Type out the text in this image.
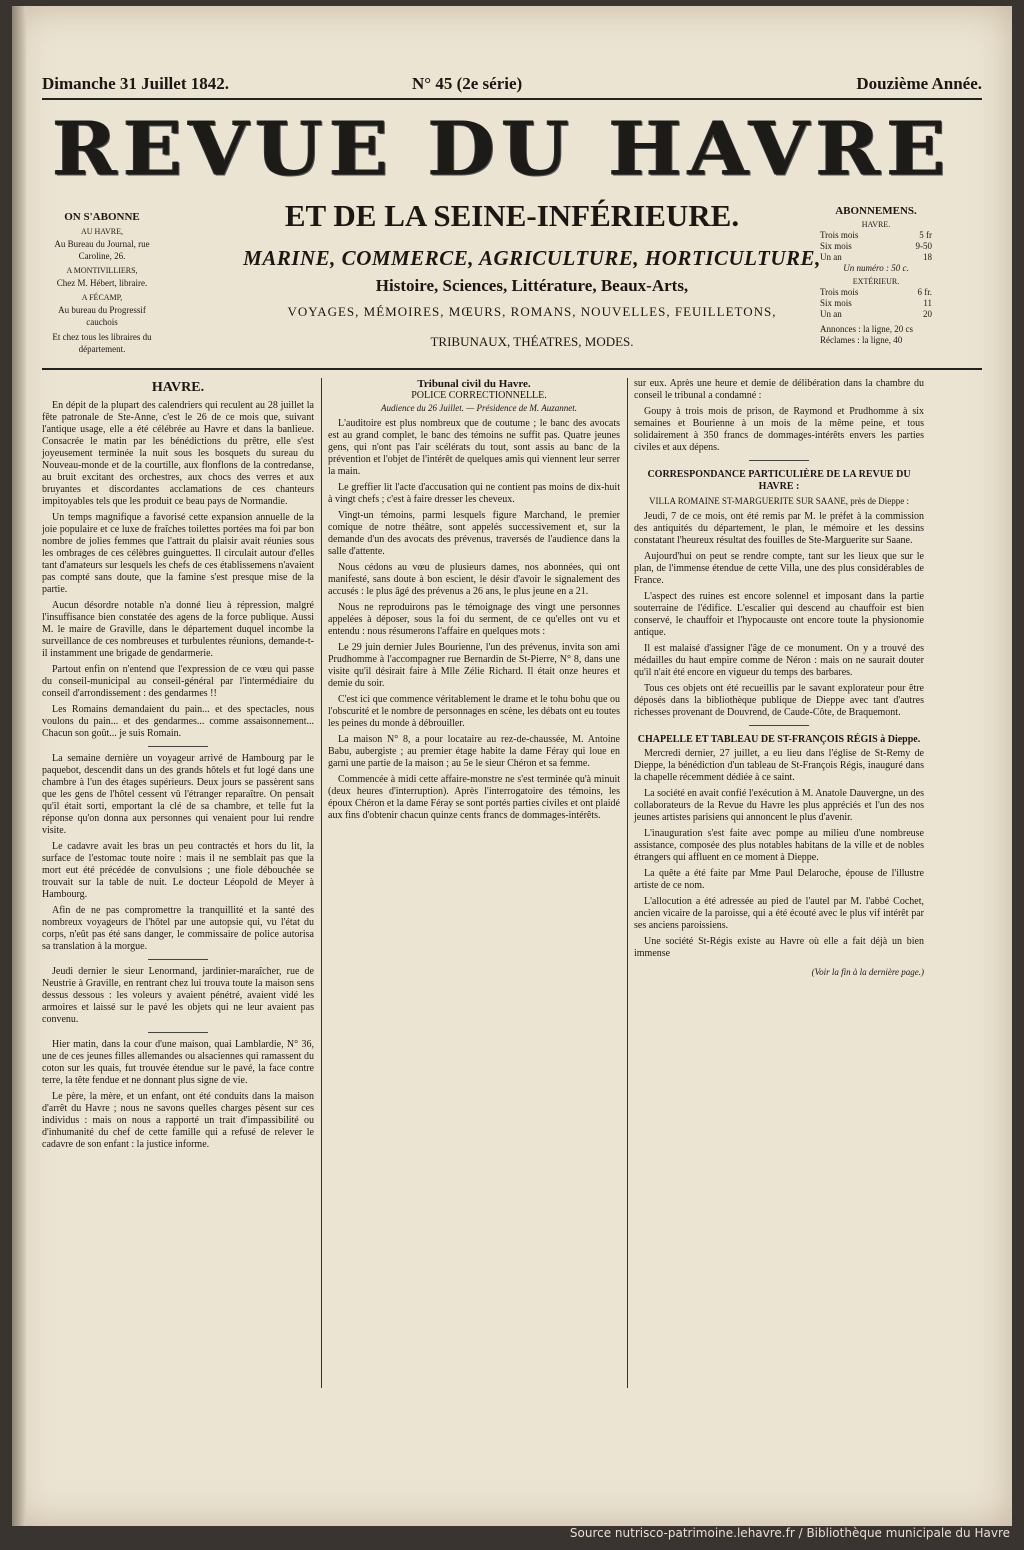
Dimanche 31 Juillet 1842.	N° 45 (2e série)	Douzième Année.
REVUE DU HAVRE
ET DE LA SEINE-INFÉRIEURE.
MARINE, COMMERCE, AGRICULTURE, HORTICULTURE,
Histoire, Sciences, Littérature, Beaux-Arts,
VOYAGES, MÉMOIRES, MŒURS, ROMANS, NOUVELLES, FEUILLETONS,
TRIBUNAUX, THÉATRES, MODES.
ON S'ABONNE
AU HAVRE,
Au Bureau du Journal, rue Caroline, 26.
A MONTIVILLIERS,
Chez M. Hébert, libraire.
A FÉCAMP,
Au bureau du Progressif cauchois
Et chez tous les libraires du département.
ABONNEMENS.
HAVRE.
Trois mois	5 fr
Six mois	9-50
Un an	18
Un numéro : 50 c.
EXTÉRIEUR.
Trois mois	6 fr.
Six mois	11
Un an	20
Annonces : la ligne, 20 cs
Réclames : la ligne, 40
HAVRE.

En dépit de la plupart des calendriers qui reculent au 28 juillet la fête patronale de Ste-Anne, c'est le 26 de ce mois que, suivant l'antique usage, elle a été célébrée au Havre et dans la banlieue. Consacrée le matin par les bénédictions du prêtre, elle s'est joyeusement terminée la nuit sous les bosquets du sureau du Nouveau-monde et de la courtille, aux flonflons de la contredanse, au bruit excitant des orchestres, aux chocs des verres et aux bruyantes et discordantes acclamations de ces chanteurs impitoyables tels que les produit ce beau pays de Normandie.

Un temps magnifique a favorisé cette expansion annuelle de la joie populaire et ce luxe de fraîches toilettes portées ma foi par bon nombre de jolies femmes que l'attrait du plaisir avait réunies sous les ombrages de ces célèbres guinguettes. Il circulait autour d'elles tant d'amateurs sur lesquels les chefs de ces établissemens n'avaient pas compté sans doute, que la famine s'est presque mise de la partie.

Aucun désordre notable n'a donné lieu à répression, malgré l'insuffisance bien constatée des agens de la force publique. Aussi M. le maire de Graville, dans le département duquel incombe la surveillance de ces nombreuses et turbulentes réunions, demande-t-il instamment une brigade de gendarmerie.

Partout enfin on n'entend que l'expression de ce vœu qui passe du conseil-municipal au conseil-général par l'intermédiaire du conseil d'arrondissement : des gendarmes !!

Les Romains demandaient du pain... et des spectacles, nous voulons du pain... et des gendarmes... comme assaisonnement... Chacun son goût... je suis Romain.

La semaine dernière un voyageur arrivé de Hambourg par le paquebot, descendit dans un des grands hôtels et fut logé dans une chambre à l'un des étages supérieurs. Deux jours se passèrent sans que les gens de l'hôtel cessent vû l'étranger reparaître. On pensait qu'il était sorti, emportant la clé de sa chambre, et telle fut la réponse qu'on donna aux personnes qui venaient pour lui rendre visite.

Le cadavre avait les bras un peu contractés et hors du lit, la surface de l'estomac toute noire : mais il ne semblait pas que la mort eut été précédée de convulsions ; une fiole débouchée se trouvait sur la table de nuit. Le docteur Léopold de Meyer à Hambourg.

Afin de ne pas compromettre la tranquillité et la santé des nombreux voyageurs de l'hôtel par une autopsie qui, vu l'état du corps, n'eût pas été sans danger, le commissaire de police autorisa sa translation à la morgue.

Jeudi dernier le sieur Lenormand, jardinier-maraîcher, rue de Neustrie à Graville, en rentrant chez lui trouva toute la maison sens dessus dessous : les voleurs y avaient pénétré, avaient vidé les armoires et laissé sur le pavé les objets qui ne leur avaient pas convenu.

Hier matin, dans la cour d'une maison, quai Lamblardie, N° 36, une de ces jeunes filles allemandes ou alsaciennes qui ramassent du coton sur les quais, fut trouvée étendue sur le pavé, la face contre terre, la tête fendue et ne donnant plus signe de vie.

Le père, la mère, et un enfant, ont été conduits dans la maison d'arrêt du Havre ; nous ne savons quelles charges pèsent sur ces individus : mais on nous a rapporté un trait d'impassibilité ou d'inhumanité du chef de cette famille qui a refusé de relever le cadavre de son enfant : la justice informe.

Tribunal civil du Havre.

POLICE CORRECTIONNELLE.

Audience du 26 Juillet. — Présidence de M. Auzannet.

L'auditoire est plus nombreux que de coutume ; le banc des avocats est au grand complet, le banc des témoins ne suffit pas. Quatre jeunes gens, qui n'ont pas l'air scélérats du tout, sont assis au banc de la prévention et l'objet de l'intérêt de quelques amis qui viennent leur serrer la main.

Le greffier lit l'acte d'accusation qui ne contient pas moins de dix-huit à vingt chefs ; c'est à faire dresser les cheveux.

Vingt-un témoins, parmi lesquels figure Marchand, le premier comique de notre théâtre, sont appelés successivement et, sur la demande d'un des avocats des prévenus, traversés de l'audience dans la salle d'attente.

Nous cédons au vœu de plusieurs dames, nos abonnées, qui ont manifesté, sans doute à bon escient, le désir d'avoir le signalement des accusés : le plus âgé des prévenus a 26 ans, le plus jeune en a 21.

Nous ne reproduirons pas le témoignage des vingt une personnes appelées à déposer, sous la foi du serment, de ce qu'elles ont vu et entendu : nous résumerons l'affaire en quelques mots :

Le 29 juin dernier Jules Bourienne, l'un des prévenus, invita son ami Prudhomme à l'accompagner rue Bernardin de St-Pierre, N° 8, dans une visite qu'il désirait faire à Mlle Zélie Richard. Il était onze heures et demie du soir.

C'est ici que commence véritablement le drame et le tohu bohu que ou l'obscurité et le nombre de personnages en scène, les débats ont eu toutes les peines du monde à débrouiller.

La maison N° 8, a pour locataire au rez-de-chaussée, M. Antoine Babu, aubergiste ; au premier étage habite la dame Féray qui loue en garni une partie de la maison ; au 5e le sieur Chéron et sa femme.

Commencée à midi cette affaire-monstre ne s'est terminée qu'à minuit (deux heures d'interruption). Après l'interrogatoire des témoins, les époux Chéron et la dame Féray se sont portés parties civiles et ont plaidé aux fins d'obtenir chacun quinze cents francs de dommages-intérêts.

sur eux. Après une heure et demie de délibération dans la chambre du conseil le tribunal a condamné :

Goupy à trois mois de prison, de Raymond et Prudhomme à six semaines et Bourienne à un mois de la même peine, et tous solidairement à 350 francs de dommages-intérêts envers les parties civiles et aux dépens.

CORRESPONDANCE PARTICULIÈRE DE LA REVUE DU HAVRE :

VILLA ROMAINE ST-MARGUERITE SUR SAANE, près de Dieppe :

Jeudi, 7 de ce mois, ont été remis par M. le préfet à la commission des antiquités du département, le plan, le mémoire et les dessins constatant l'heureux résultat des fouilles de Ste-Marguerite sur Saane.

Aujourd'hui on peut se rendre compte, tant sur les lieux que sur le plan, de l'immense étendue de cette Villa, une des plus considérables de France.

L'aspect des ruines est encore solennel et imposant dans la partie souterraine de l'édifice. L'escalier qui descend au chauffoir est bien conservé, le chauffoir et l'hypocauste ont encore toute la physionomie antique.

Il est malaisé d'assigner l'âge de ce monument. On y a trouvé des médailles du haut empire comme de Néron : mais on ne saurait douter qu'il n'ait été encore en vigueur du temps des barbares.

Tous ces objets ont été recueillis par le savant explorateur pour être déposés dans la bibliothèque publique de Dieppe avec tant d'autres richesses provenant de Douvrend, de Caude-Côte, de Braquemont.

CHAPELLE ET TABLEAU DE ST-FRANÇOIS RÉGIS à Dieppe.

Mercredi dernier, 27 juillet, a eu lieu dans l'église de St-Remy de Dieppe, la bénédiction d'un tableau de St-François Régis, inauguré dans la chapelle récemment dédiée à ce saint.

La société en avait confié l'exécution à M. Anatole Dauvergne, un des collaborateurs de la Revue du Havre les plus appréciés et l'un des nos jeunes artistes parisiens qui annoncent le plus d'avenir.

L'inauguration s'est faite avec pompe au milieu d'une nombreuse assistance, composée des plus notables habitans de la ville et de nobles étrangers qui affluent en ce moment à Dieppe.

La quête a été faite par Mme Paul Delaroche, épouse de l'illustre artiste de ce nom.

L'allocution a été adressée au pied de l'autel par M. l'abbé Cochet, ancien vicaire de la paroisse, qui a été écouté avec le plus vif intérêt par ses anciens paroissiens.

Une société St-Régis existe au Havre où elle a fait déjà un bien immense

(Voir la fin à la dernière page.)
Source nutrisco-patrimoine.lehavre.fr / Bibliothèque municipale du Havre
